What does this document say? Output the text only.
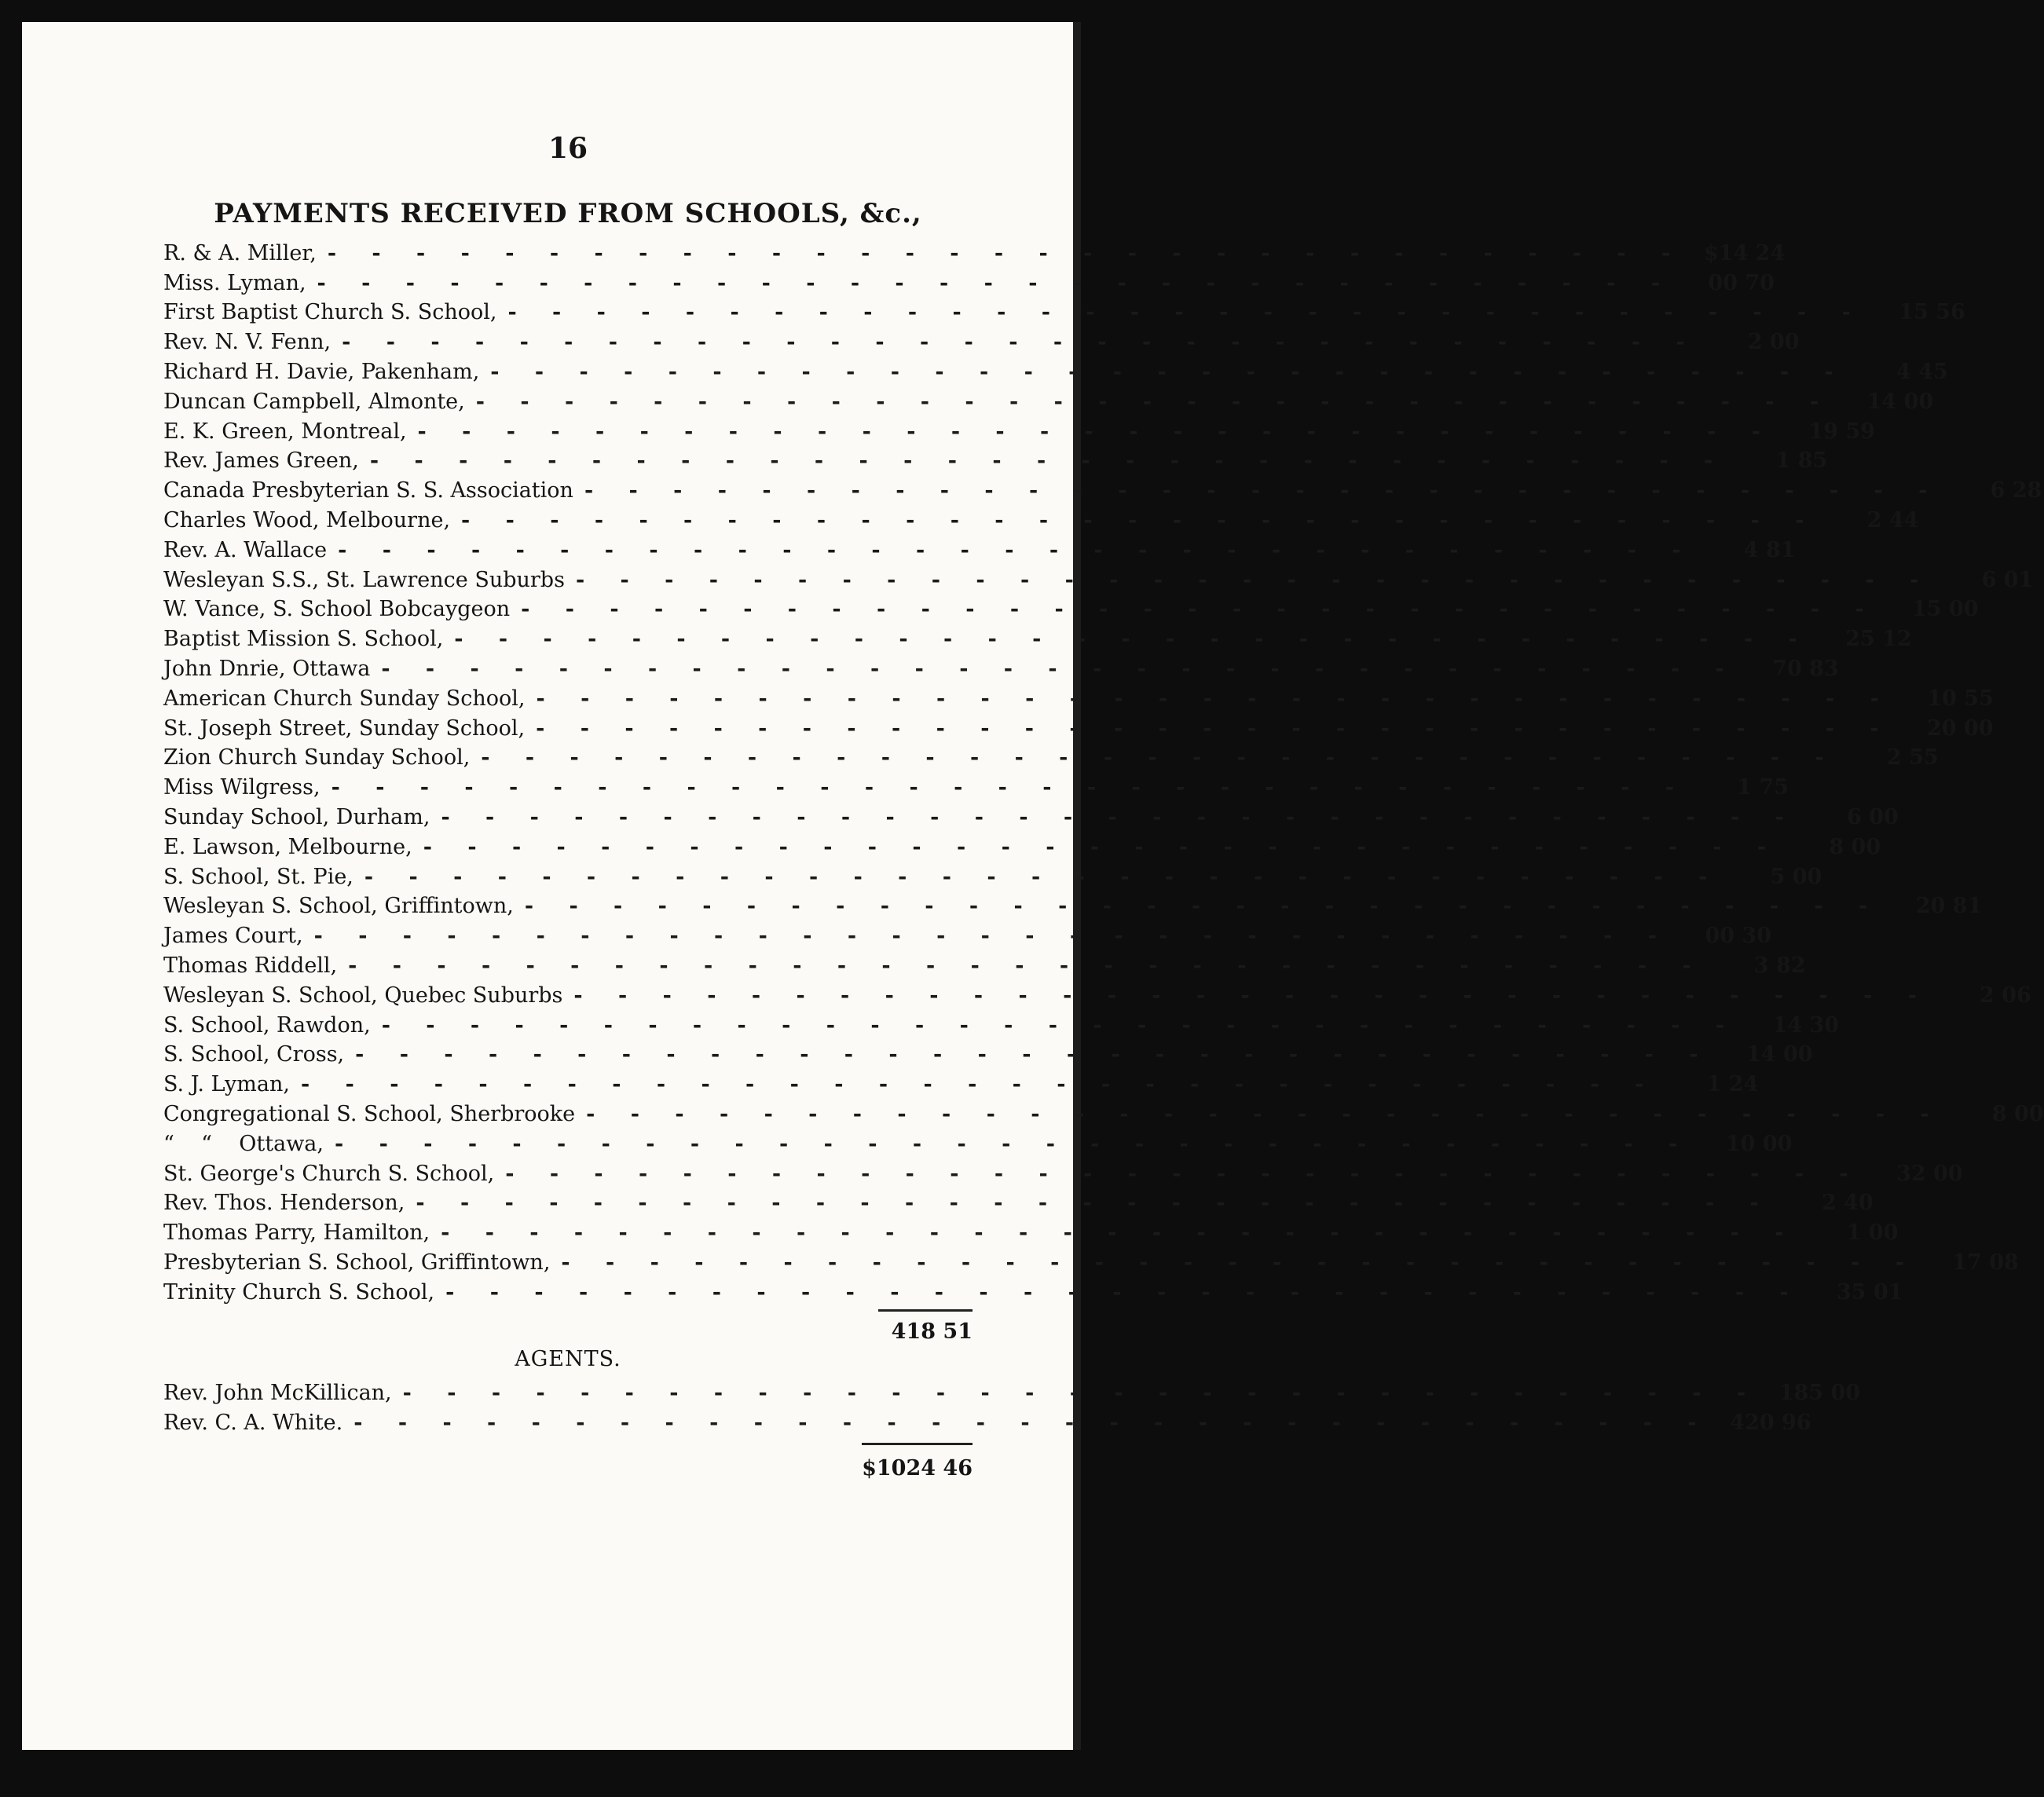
16
PAYMENTS RECEIVED FROM SCHOOLS, &c.,
R. & A. Miller, - - - - - - - - - - - - - - - - - - - - - - - - - - - - - - - $14 24
Miss. Lyman, - - - - - - - - - - - - - - - - - - - - - - - - - - - - - - -	00 70
First Baptist Church S. School, - - - - - - - - - - - - - - - - - - - - - - - - - - - - - - -	15 56
Rev. N. V. Fenn, - - - - - - - - - - - - - - - - - - - - - - - - - - - - - - -	2 00
Richard H. Davie, Pakenham, - - - - - - - - - - - - - - - - - - - - - - - - - - - - - - -	4 45
Duncan Campbell, Almonte, - - - - - - - - - - - - - - - - - - - - - - - - - - - - - - -	14 00
E. K. Green, Montreal, - - - - - - - - - - - - - - - - - - - - - - - - - - - - - - -	19 59
Rev. James Green, - - - - - - - - - - - - - - - - - - - - - - - - - - - - - - -	1 85
Canada Presbyterian S. S. Association - - - - - - - - - - - - - - - - - - - - - - - - - - - - - - -	6 28
Charles Wood, Melbourne, - - - - - - - - - - - - - - - - - - - - - - - - - - - - - - -	2 44
Rev. A. Wallace - - - - - - - - - - - - - - - - - - - - - - - - - - - - - - -	4 81
Wesleyan S.S., St. Lawrence Suburbs - - - - - - - - - - - - - - - - - - - - - - - - - - - - - - -	6 01
W. Vance, S. School Bobcaygeon - - - - - - - - - - - - - - - - - - - - - - - - - - - - - - -	15 00
Baptist Mission S. School, - - - - - - - - - - - - - - - - - - - - - - - - - - - - - - -	25 12
John Dnrie, Ottawa - - - - - - - - - - - - - - - - - - - - - - - - - - - - - - -	70 83
American Church Sunday School, - - - - - - - - - - - - - - - - - - - - - - - - - - - - - - -	10 55
St. Joseph Street, Sunday School, - - - - - - - - - - - - - - - - - - - - - - - - - - - - - - -	20 00
Zion Church Sunday School, - - - - - - - - - - - - - - - - - - - - - - - - - - - - - - -	2 55
Miss Wilgress, - - - - - - - - - - - - - - - - - - - - - - - - - - - - - - -	1 75
Sunday School, Durham, - - - - - - - - - - - - - - - - - - - - - - - - - - - - - - -	6 00
E. Lawson, Melbourne, - - - - - - - - - - - - - - - - - - - - - - - - - - - - - - -	8 00
S. School, St. Pie, - - - - - - - - - - - - - - - - - - - - - - - - - - - - - - -	5 00
Wesleyan S. School, Griffintown, - - - - - - - - - - - - - - - - - - - - - - - - - - - - - - -	20 81
James Court, - - - - - - - - - - - - - - - - - - - - - - - - - - - - - - -	00 30
Thomas Riddell, - - - - - - - - - - - - - - - - - - - - - - - - - - - - - - -	3 82
Wesleyan S. School, Quebec Suburbs - - - - - - - - - - - - - - - - - - - - - - - - - - - - - - -	2 06
S. School, Rawdon, - - - - - - - - - - - - - - - - - - - - - - - - - - - - - - -	14 30
S. School, Cross, - - - - - - - - - - - - - - - - - - - - - - - - - - - - - - -	14 00
S. J. Lyman, - - - - - - - - - - - - - - - - - - - - - - - - - - - - - - -	1 24
Congregational S. School, Sherbrooke - - - - - - - - - - - - - - - - - - - - - - - - - - - - - - -	8 00
“    “    Ottawa, - - - - - - - - - - - - - - - - - - - - - - - - - - - - - - -	10 00
St. George's Church S. School, - - - - - - - - - - - - - - - - - - - - - - - - - - - - - - -	32 00
Rev. Thos. Henderson, - - - - - - - - - - - - - - - - - - - - - - - - - - - - - - -	2 40
Thomas Parry, Hamilton, - - - - - - - - - - - - - - - - - - - - - - - - - - - - - - -	1 00
Presbyterian S. School, Griffintown, - - - - - - - - - - - - - - - - - - - - - - - - - - - - - - -	17 08
Trinity Church S. School, - - - - - - - - - - - - - - - - - - - - - - - - - - - - - - -	35 01
418 51
AGENTS.
Rev. John McKillican, - - - - - - - - - - - - - - - - - - - - - - - - - - - - - - - 185 00
Rev. C. A. White. - - - - - - - - - - - - - - - - - - - - - - - - - - - - - - - 420 96
$1024 46
